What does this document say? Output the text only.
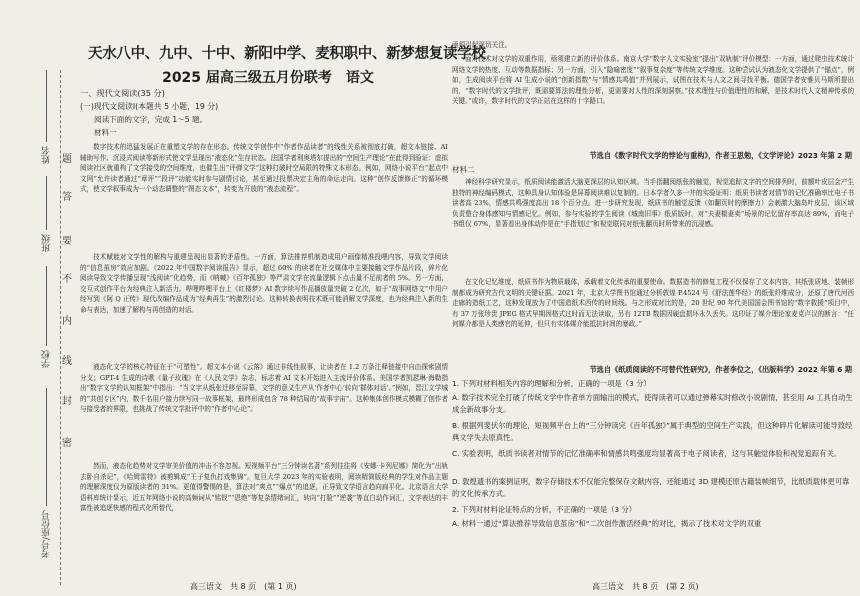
姓名
班级
学校
考号/座位号
题
答
要
不
内
线
封
密
天水八中、九中、十中、新阳中学、麦积职中、新梦想复读学校
2025 届高三级五月份联考　语文
一、现代文阅读(35 分)
(一)现代文阅读Ⅰ(本题共 5 小题，19 分)
阅读下面的文字，完成 1～5 题。
材料一
数字技术的迅猛发展正在重塑文学的存在形态。传统文学创作中“作者作品读者”的线性关系被彻底打破，超文本链接、AI 辅助写作、沉浸式阅读等新形式使文学呈现出“液态化”生存状态。法国学者利奥塔尔提出的“空间生产理论”在此得到验证：虚拟阅读社区就重构了文学接受的空间维度，也催生出“评弹文学”这种打破时空局限的特殊文本形态。例如，网络小说平台“起点中文网”允许读者通过“章评”“段评”功能实时参与剧情讨论，甚至通过投票决定主角的命运走向。这种“创作反馈修正”的循环模式，使文学叙事成为一个动态调整的“图态文本”，转变为开放的“液态流程”。
技术赋能对文学性的解构与重建呈现出显著的矛盾性。一方面，算法推荐机制造成用户画像精准投喂内容，导致文学阅读的“信息茧房”效应加剧。《2022 年中国数字阅读报告》显示，超过 60% 的读者在社交媒体中主要接触文学作品片段，碎片化阅读导致文学传播呈现“浅阅读”化趋势，而《呐喊》《百年孤独》等严肃文学在流量逻辑下点击量不足前者的 5%。另一方面，交互式创作平台为经典注入新活力。哔哩哔哩平台上《红楼梦》AI 数字续写作品播放量突破 2 亿次，如于“故事网络文”中用户经写到《阿 Q 正传》现代改编作品成为“经典再生”的激烈讨论。这种转换表明技术既可能消解文学深度，也为经典注入新的生命与表达，加速了解构与再创造的对话。
液态化文学的核心特征在于“可塑性”。超文本小说《云落》通过非线性叙事，让读者在 1.2 万条注释链接中自由探索剧情分支；GPT-4 生成的诗歌《量子玫瑰》在《人民文学》杂志，标志着 AI 文本开始进入主流评价体系。美国学者凯瑟琳·海勒指出“数字文学的认知框架”中指出：“当文字从纸张迁移至屏幕，文学的意义生产从‘作者中心’转向‘群体对话’。”例如，晋江文学城的“共创专区”内，数千名用户接力续写同一故事框架，最终形成包含 78 种结局的“故事宇宙”。这种集体创作模式模糊了创作者与接受者的界限，也挑战了传统文学批评中的“作者中心论”。
然而，液态化趋势对文学审美价值的冲击不容忽视。短视频平台“三分钟读名著”系列往往将《安娜·卡列尼娜》简化为“出轨去卧自杀记”，《哈姆雷特》被剪辑成“王子复仇打戏集锦”。复旦大学 2023 年的实验表明，阅读精简版经典的学生对作品主题的理解深度仅为原版读者的 31%。更值得警惕的是，算法对“爽点”“爆点”的追逐，正导致文学语言趋向扁平化。北京语言大学语料库统计显示，近五年网络小说的高频词从“铭钗”“恩绝”等复杂情绪词汇，转向“打脸”“逆袭”等直白动作词汇，文学表达的丰富性被追逐快感的程式化所替代，
高三语文　共 8 页　(第 1 页)
亟须引起深切关注。
面对技术对文学的双重作用，亟须建立新的评价体系。南京大学“数字人文实验室”提出“双轨制”评价模型：一方面，通过爬虫技术统计网络文学的热度、互动等数据指标；另一方面，引入“隐喻密度”“叙事复杂度”等传统文学维度。这种尝试认为液态化文学提供了“锚点”，例如，生成阅读平台将 AI 生成小说的“创新指数”与“情感共鸣值”并列展示，试图在技术与人文之间寻找平衡。德国学者安雅贝马斯所提出的，“数字时代的文学批评，既需要算法的理性分析，更需要对人性的深刻洞察。”技术理性与价值理性的和解，是技术时代人文精神传承的关键。”或许，数字时代的文学正站在这样的十字路口。
节选自《数字时代文学的悖论与重构》，作者王思勉，《文学评论》2023 年第 2 期
材料二
神经科学研究显示，纸质阅读能激活大脑更深层的认知区域。当手指翻阅纸张的触觉，视觉追踪文字的空间排列时，前额叶皮层会产生独特的神经编码模式，这种具身认知体验是屏幕阅读难以复制的。日本学者久多一井的实验证明：纸质书读者对情节的记忆准确率比电子书读者高 23%，情感共鸣强度高出 18 个百分点。进一步研究发现，纸质书的触觉反馈（如翻页时的摩擦力）会刺激大脑岛叶皮层，该区域负责整合身体感知与情感记忆。例如，参与实验的学生阅读《城南旧事》纸质版时，对“夫妻椒妻卖”场景的记忆留存率高达 89%，而电子书组仅 67%，显著看出身体动作是在“手指划过”和视觉联同对纸张翻页时所带来的沉浸感。
在文化记忆维度，纸质书作为物质载体，承载着文化传承的重要使命。数据造书的修复工程不仅保存了文本内容，其纸张质地、装帧形制都成为研究古代文明的关键证据。2021 年，北京大学图书馆通过分析敦煌 P.4524 号《舒法莲华经》的纸张纤维成分，还原了唐代河西走廊的造纸工艺，这种发现放为了中国造纸术西传的时间线。与之形成对比的是，20 世纪 90 年代美国国会图书馆的“数字救援”项目中，有 37 万张珍贵 JPEG 格式早期因格式过时而无法读取，另有 12TB 数据因硬盘损坏永久丢失。这印证了媒介理论家麦克卢汉的断言：“任何媒介都是人类感官的延伸，但只有实体媒介能抵抗时间的暴政。”
节选自《纸质阅读的不可替代性研究》，作者李位之，《出版科学》2022 年第 6 期
1. 下列对材料相关内容的理解和分析，正确的一项是（3 分）
A. 数字技术完全打破了传统文学中作者单方面输出的模式，使得读者可以通过弹幕实时修改小说剧情，甚至用 AI 工具自动生成全新故事分支。
B. 根据列斐伏尔的理论，短视频平台上的“三分钟读完《百年孤独》”属于典型的空间生产实践，但这种碎片化解读可能导致经典文学失去原真性。
C. 实验表明，纸质书读者对情节的记忆准确率和情感共鸣强度均显著高于电子阅读者，这与其触觉体验和视觉追踪有关。
D. 敦煌遗书的案例证明，数字存储技术不仅能完整保存文献内容，还能通过 3D 建模还原古籍装帧细节，比纸质载体更可靠的文化传承方式。
2. 下列对材料论证特点的分析，不正确的一项是（3 分）
A. 材料一通过“算法推荐导致信息茧房”和“二次创作激活经典”的对比，揭示了技术对文学的双重
高三语文　共 8 页　(第 2 页)
